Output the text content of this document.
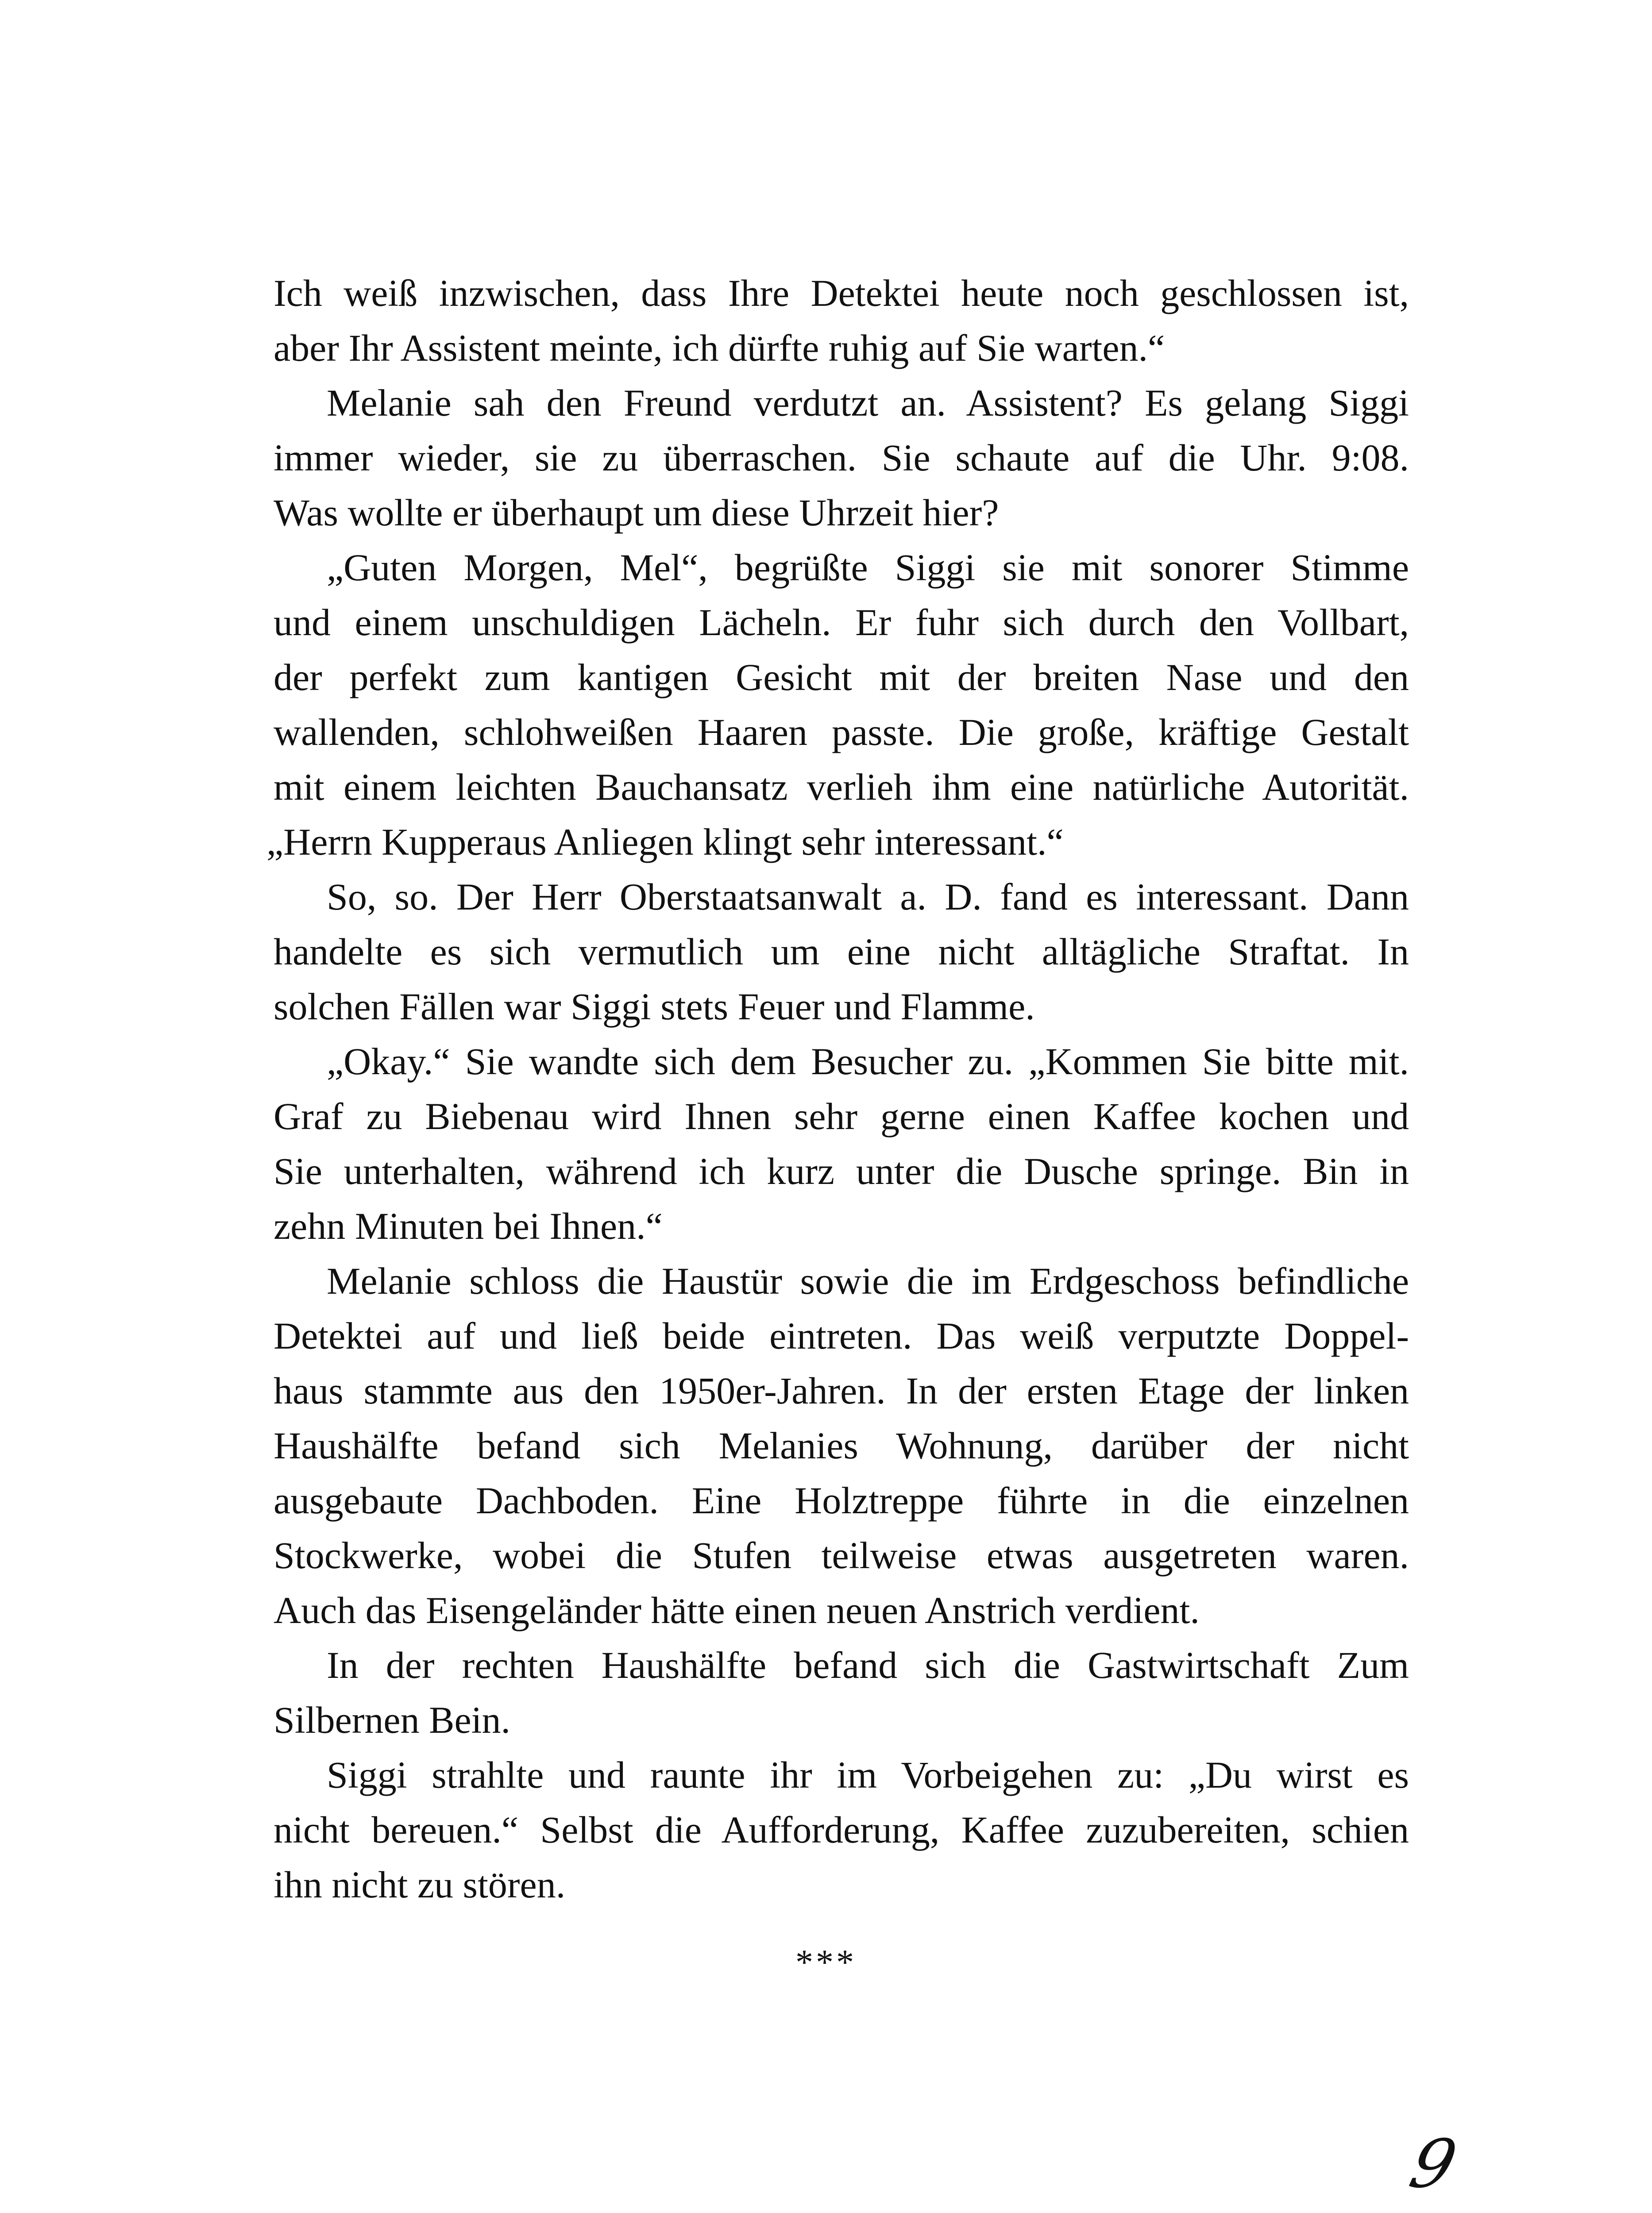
Ich weiß inzwischen, dass Ihre Detektei heute noch geschlossen ist,
aber Ihr Assistent meinte, ich dürfte ruhig auf Sie warten.“
Melanie sah den Freund verdutzt an. Assistent? Es gelang Siggi
immer wieder, sie zu überraschen. Sie schaute auf die Uhr. 9:08.
Was wollte er überhaupt um diese Uhrzeit hier?
„Guten Morgen, Mel“, begrüßte Siggi sie mit sonorer Stimme
und einem unschuldigen Lächeln. Er fuhr sich durch den Vollbart,
der perfekt zum kantigen Gesicht mit der breiten Nase und den
wallenden, schlohweißen Haaren passte. Die große, kräftige Gestalt
mit einem leichten Bauchansatz verlieh ihm eine natürliche Autorität.
„Herrn Kupperaus Anliegen klingt sehr interessant.“
So, so. Der Herr Oberstaatsanwalt a. D. fand es interessant. Dann
handelte es sich vermutlich um eine nicht alltägliche Straftat. In
solchen Fällen war Siggi stets Feuer und Flamme.
„Okay.“ Sie wandte sich dem Besucher zu. „Kommen Sie bitte mit.
Graf zu Biebenau wird Ihnen sehr gerne einen Kaffee kochen und
Sie unterhalten, während ich kurz unter die Dusche springe. Bin in
zehn Minuten bei Ihnen.“
Melanie schloss die Haustür sowie die im Erdgeschoss befindliche
Detektei auf und ließ beide eintreten. Das weiß verputzte Doppel-
haus stammte aus den 1950er-Jahren. In der ersten Etage der linken
Haushälfte befand sich Melanies Wohnung, darüber der nicht
ausgebaute Dachboden. Eine Holztreppe führte in die einzelnen
Stockwerke, wobei die Stufen teilweise etwas ausgetreten waren.
Auch das Eisengeländer hätte einen neuen Anstrich verdient.
In der rechten Haushälfte befand sich die Gastwirtschaft Zum
Silbernen Bein.
Siggi strahlte und raunte ihr im Vorbeigehen zu: „Du wirst es
nicht bereuen.“ Selbst die Aufforderung, Kaffee zuzubereiten, schien
ihn nicht zu stören.
***
9
